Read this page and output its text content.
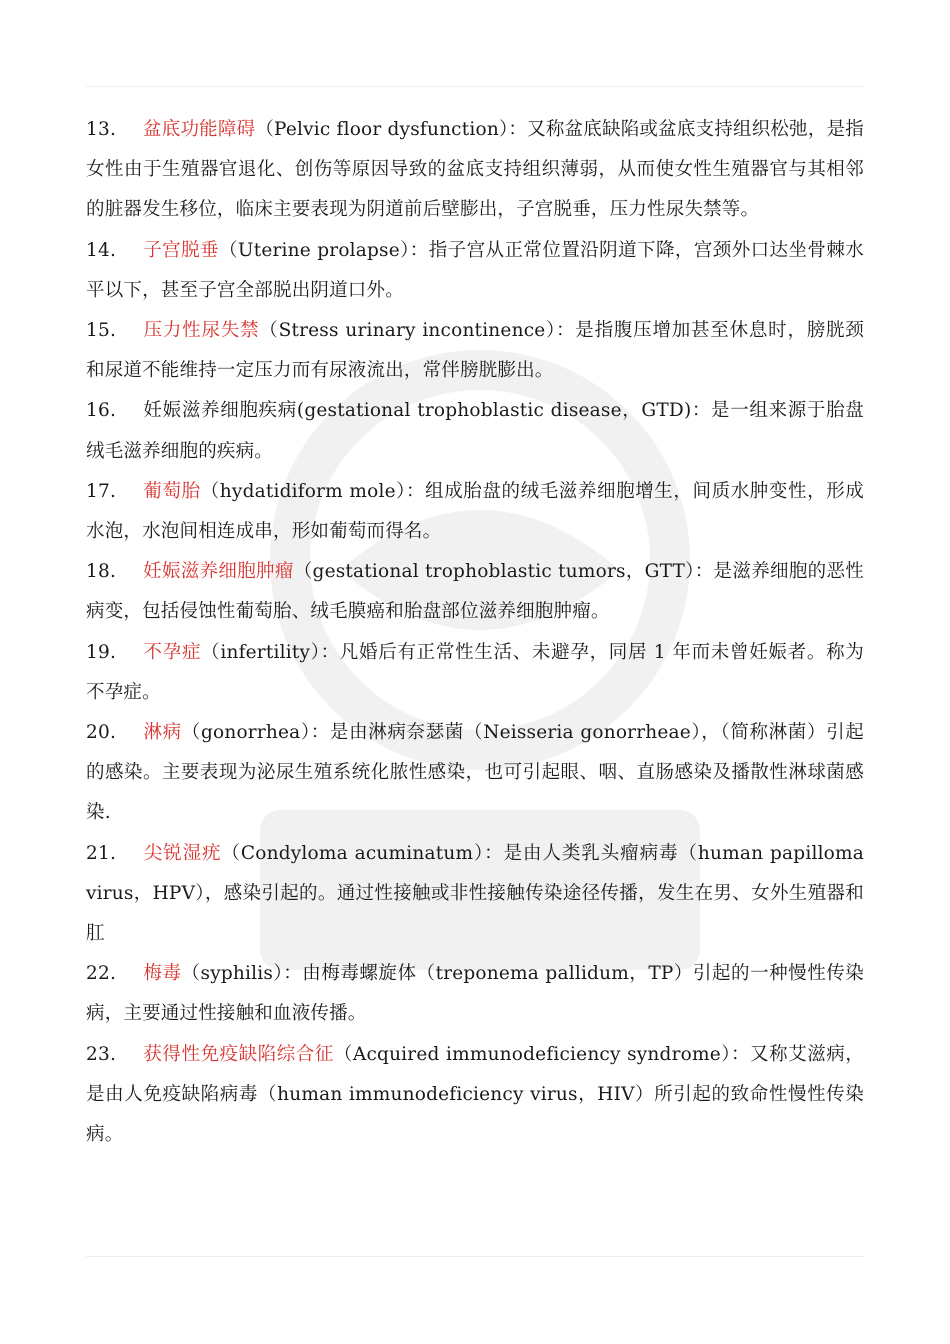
13. 盆底功能障碍（Pelvic floor dysfunction）：又称盆底缺陷或盆底支持组织松弛，是指女性由于生殖器官退化、创伤等原因导致的盆底支持组织薄弱，从而使女性生殖器官与其相邻的脏器发生移位，临床主要表现为阴道前后壁膨出，子宫脱垂，压力性尿失禁等。

14. 子宫脱垂（Uterine prolapse）：指子宫从正常位置沿阴道下降，宫颈外口达坐骨棘水平以下，甚至子宫全部脱出阴道口外。

15. 压力性尿失禁（Stress urinary incontinence）：是指腹压增加甚至休息时，膀胱颈和尿道不能维持一定压力而有尿液流出，常伴膀胱膨出。

16. 妊娠滋养细胞疾病(gestational trophoblastic disease，GTD)：是一组来源于胎盘绒毛滋养细胞的疾病。

17. 葡萄胎（hydatidiform mole）：组成胎盘的绒毛滋养细胞增生，间质水肿变性，形成水泡，水泡间相连成串，形如葡萄而得名。

18. 妊娠滋养细胞肿瘤（gestational trophoblastic tumors，GTT）：是滋养细胞的恶性病变，包括侵蚀性葡萄胎、绒毛膜癌和胎盘部位滋养细胞肿瘤。

19. 不孕症（infertility）：凡婚后有正常性生活、未避孕，同居 1 年而未曾妊娠者。称为不孕症。

20. 淋病（gonorrhea）：是由淋病奈瑟菌（Neisseria gonorrheae），（简称淋菌）引起的感染。主要表现为泌尿生殖系统化脓性感染，也可引起眼、咽、直肠感染及播散性淋球菌感染.

21. 尖锐湿疣（Condyloma acuminatum）：是由人类乳头瘤病毒（human papilloma virus，HPV），感染引起的。通过性接触或非性接触传染途径传播，发生在男、女外生殖器和肛

22. 梅毒（syphilis）：由梅毒螺旋体（treponema pallidum，TP）引起的一种慢性传染病，主要通过性接触和血液传播。

23. 获得性免疫缺陷综合征（Acquired immunodeficiency syndrome）：又称艾滋病，是由人免疫缺陷病毒（human immunodeficiency virus，HIV）所引起的致命性慢性传染病。
